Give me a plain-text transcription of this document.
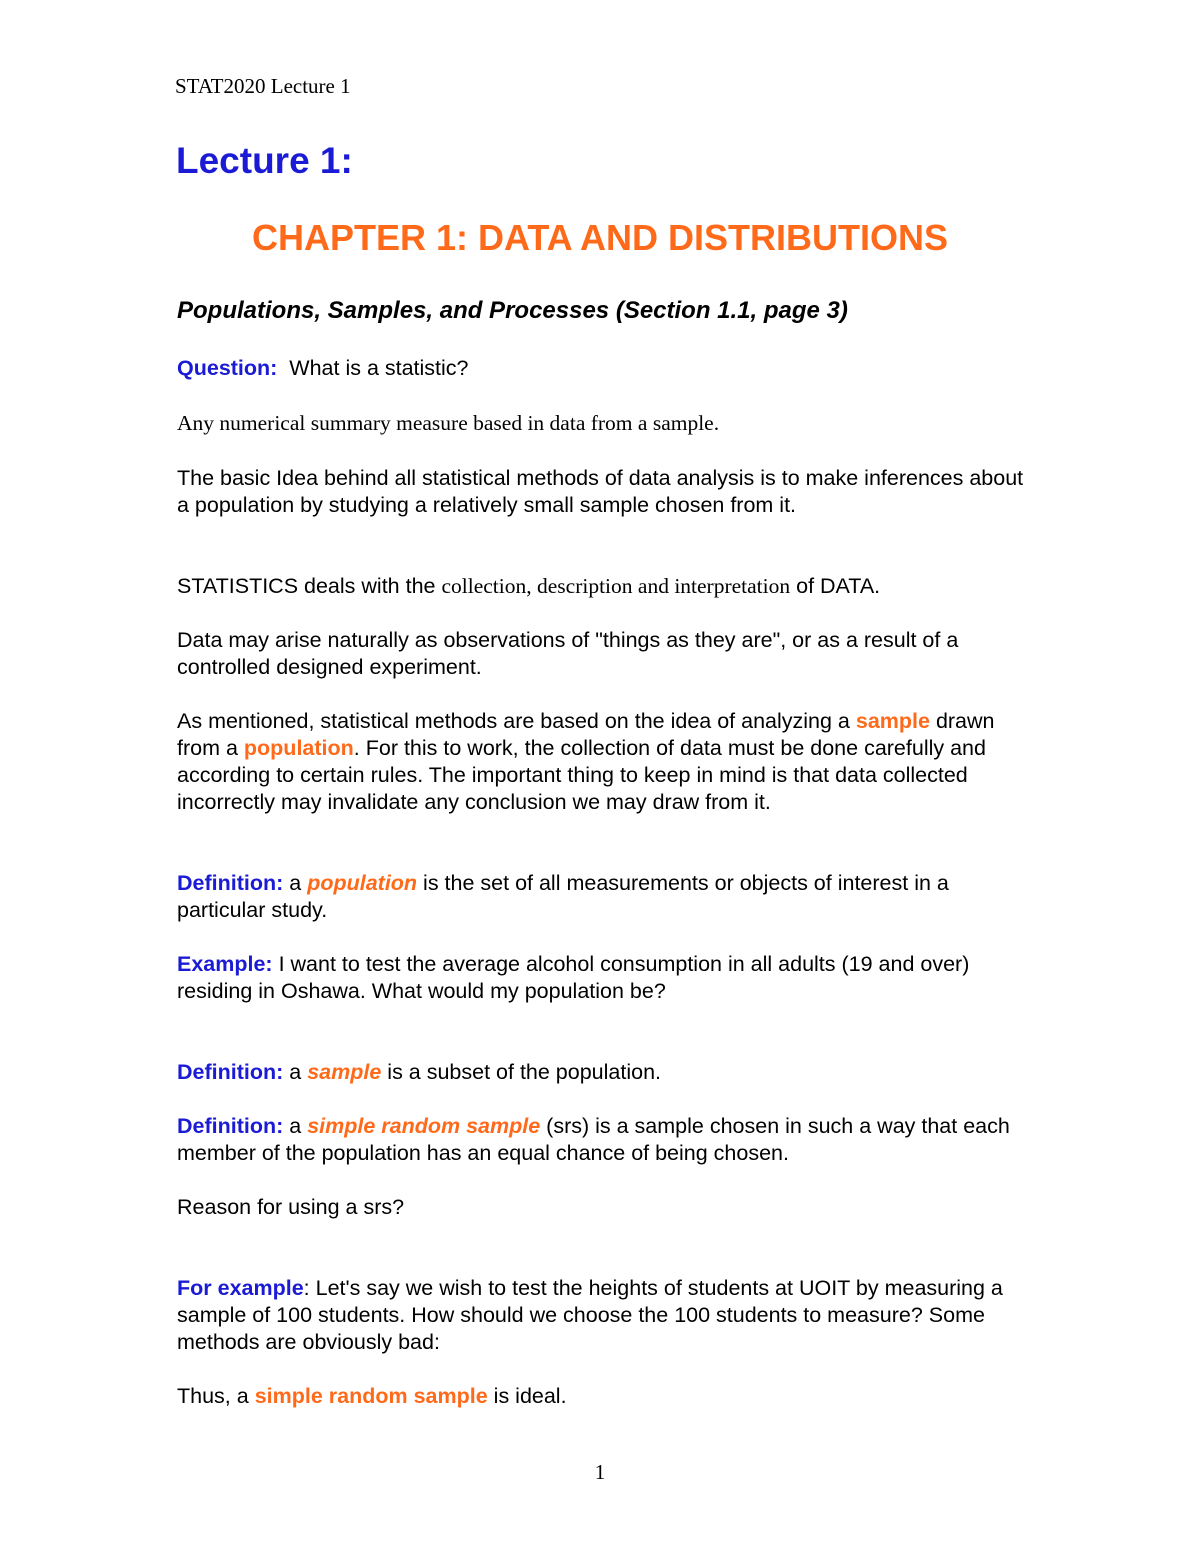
STAT2020 Lecture 1
Lecture 1:
CHAPTER 1: DATA AND DISTRIBUTIONS
Populations, Samples, and Processes (Section 1.1, page 3)
Question: What is a statistic?
Any numerical summary measure based in data from a sample.
The basic Idea behind all statistical methods of data analysis is to make inferences about a population by studying a relatively small sample chosen from it.
STATISTICS deals with the collection, description and interpretation of DATA.
Data may arise naturally as observations of "things as they are", or as a result of a controlled designed experiment.
As mentioned, statistical methods are based on the idea of analyzing a sample drawn from a population. For this to work, the collection of data must be done carefully and according to certain rules. The important thing to keep in mind is that data collected incorrectly may invalidate any conclusion we may draw from it.
Definition: a population is the set of all measurements or objects of interest in a particular study.
Example: I want to test the average alcohol consumption in all adults (19 and over) residing in Oshawa. What would my population be?
Definition: a sample is a subset of the population.
Definition: a simple random sample (srs) is a sample chosen in such a way that each member of the population has an equal chance of being chosen.
Reason for using a srs?
For example: Let's say we wish to test the heights of students at UOIT by measuring a sample of 100 students. How should we choose the 100 students to measure? Some methods are obviously bad:
Thus, a simple random sample is ideal.
1
